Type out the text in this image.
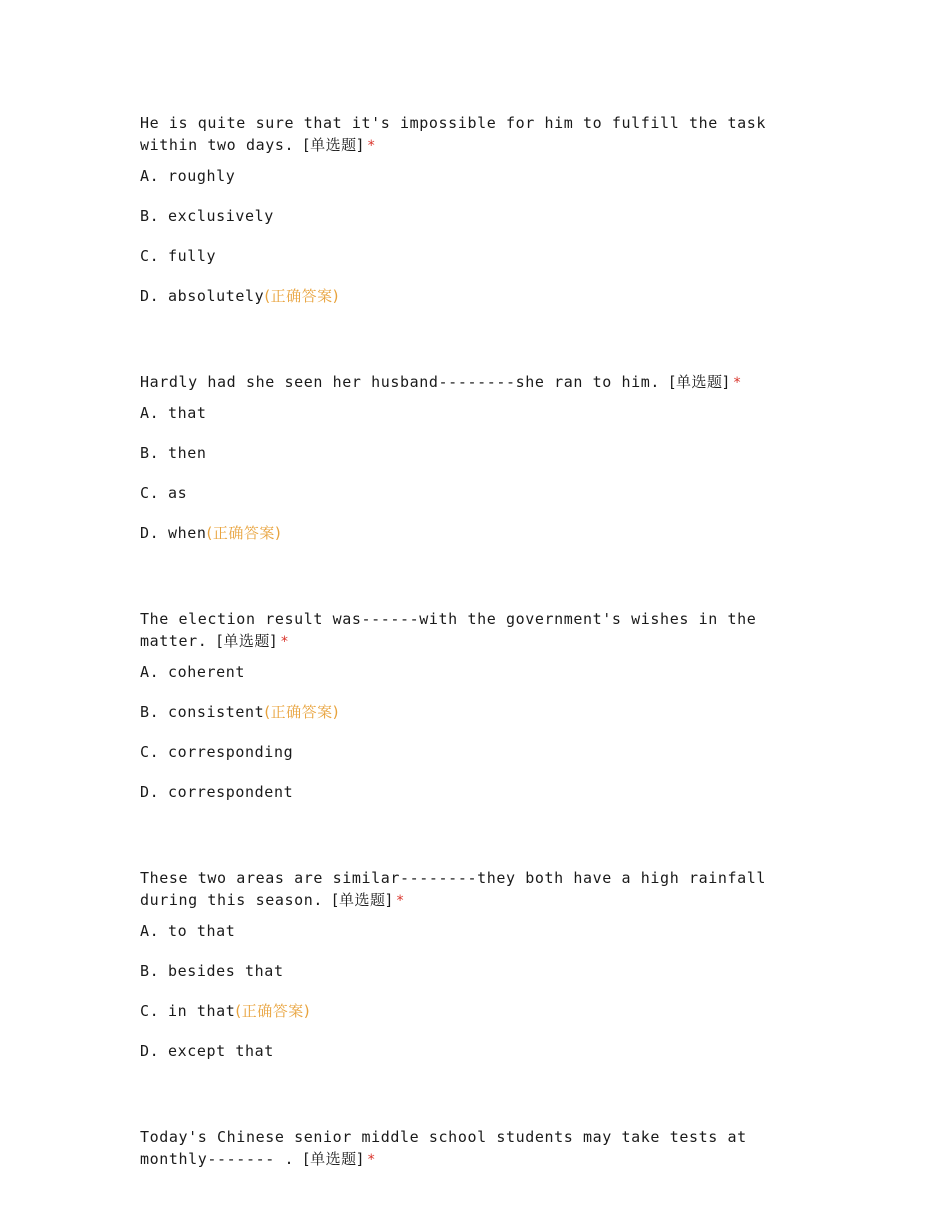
He is quite sure that it's impossible for him to fulfill the task within two days. [单选题] *

A. roughly
B. exclusively
C. fully
D. absolutely(正确答案)

Hardly had she seen her husband--------she ran to him. [单选题] *

A. that
B. then
C. as
D. when(正确答案)

The election result was------with the government's wishes in the matter. [单选题] *

A. coherent
B. consistent(正确答案)
C. corresponding
D. correspondent

These two areas are similar--------they both have a high rainfall during this season. [单选题] *

A. to that
B. besides that
C. in that(正确答案)
D. except that

Today's Chinese senior middle school students may take tests at monthly------- . [单选题] *
